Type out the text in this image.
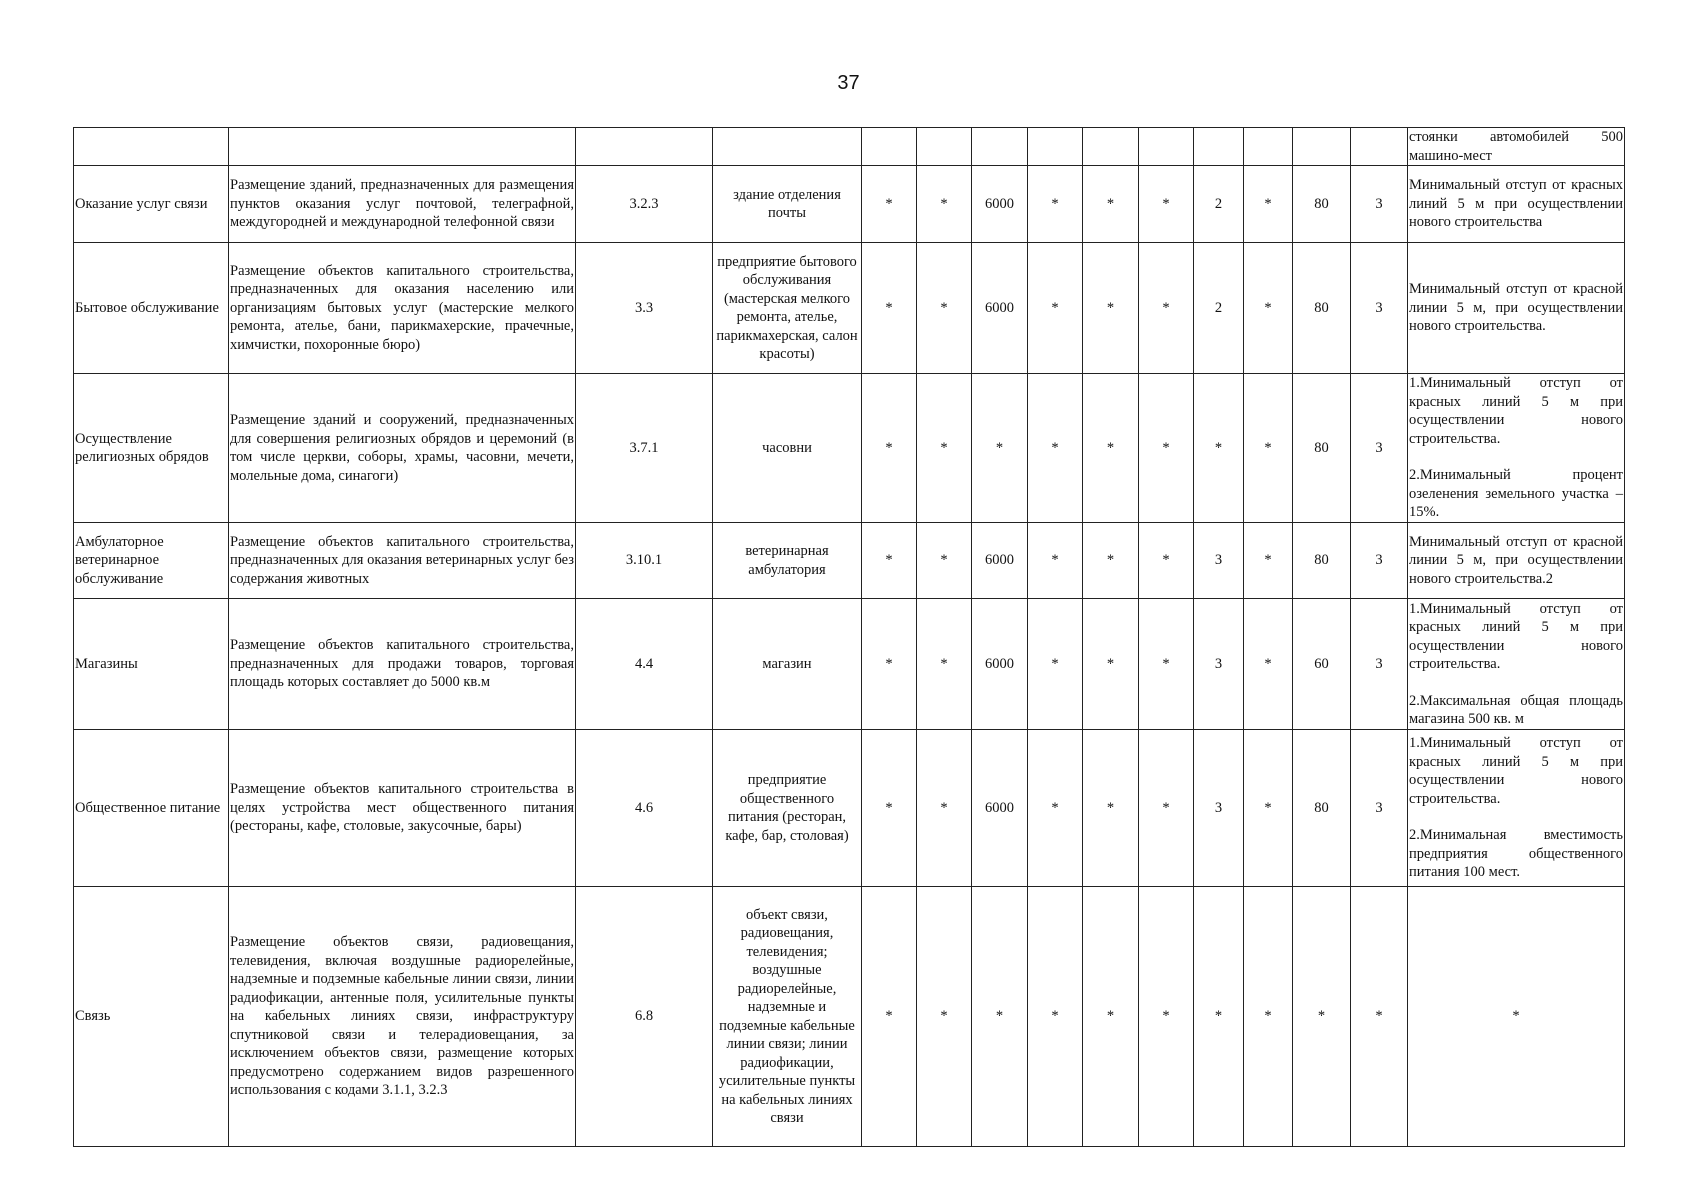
37

														стоянки автомобилей 500 машино-мест

Оказание услуг связи	Размещение зданий, предназначенных для размещения пунктов оказания услуг почтовой, телеграфной, междугородней и международной телефонной связи	3.2.3	здание отделения почты	*	*	6000	*	*	*	2	*	80	3	Минимальный отступ от красных линий 5 м при осуществлении нового строительства

Бытовое обслуживание	Размещение объектов капитального строительства, предназначенных для оказания населению или организациям бытовых услуг (мастерские мелкого ремонта, ателье, бани, парикмахерские, прачечные, химчистки, похоронные бюро)	3.3	предприятие бытового обслуживания (мастерская мелкого ремонта, ателье, парикмахерская, салон красоты)	*	*	6000	*	*	*	2	*	80	3	Минимальный отступ от красной линии 5 м, при осуществлении нового строительства.

Осуществление религиозных обрядов	Размещение зданий и сооружений, предназначенных для совершения религиозных обрядов и церемоний (в том числе церкви, соборы, храмы, часовни, мечети, молельные дома, синагоги)	3.7.1	часовни	*	*	*	*	*	*	*	*	80	3	1.Минимальный отступ от красных линий 5 м при осуществлении нового строительства.
2.Минимальный процент озеленения земельного участка – 15%.

Амбулаторное ветеринарное обслуживание	Размещение объектов капитального строительства, предназначенных для оказания ветеринарных услуг без содержания животных	3.10.1	ветеринарная амбулатория	*	*	6000	*	*	*	3	*	80	3	Минимальный отступ от красной линии 5 м, при осуществлении нового строительства.2

Магазины	Размещение объектов капитального строительства, предназначенных для продажи товаров, торговая площадь которых составляет до 5000 кв.м	4.4	магазин	*	*	6000	*	*	*	3	*	60	3	1.Минимальный отступ от красных линий 5 м при осуществлении нового строительства.
2.Максимальная общая площадь магазина 500 кв. м

Общественное питание	Размещение объектов капитального строительства в целях устройства мест общественного питания (рестораны, кафе, столовые, закусочные, бары)	4.6	предприятие общественного питания (ресторан, кафе, бар, столовая)	*	*	6000	*	*	*	3	*	80	3	1.Минимальный отступ от красных линий 5 м при осуществлении нового строительства.
2.Минимальная вместимость предприятия общественного питания 100 мест.

Связь	Размещение объектов связи, радиовещания, телевидения, включая воздушные радиорелейные, надземные и подземные кабельные линии связи, линии радиофикации, антенные поля, усилительные пункты на кабельных линиях связи, инфраструктуру спутниковой связи и телерадиовещания, за исключением объектов связи, размещение которых предусмотрено содержанием видов разрешенного использования с кодами 3.1.1, 3.2.3	6.8	объект связи, радиовещания, телевидения; воздушные радиорелейные, надземные и подземные кабельные линии связи; линии радиофикации, усилительные пункты на кабельных линиях связи	*	*	*	*	*	*	*	*	*	*	*
